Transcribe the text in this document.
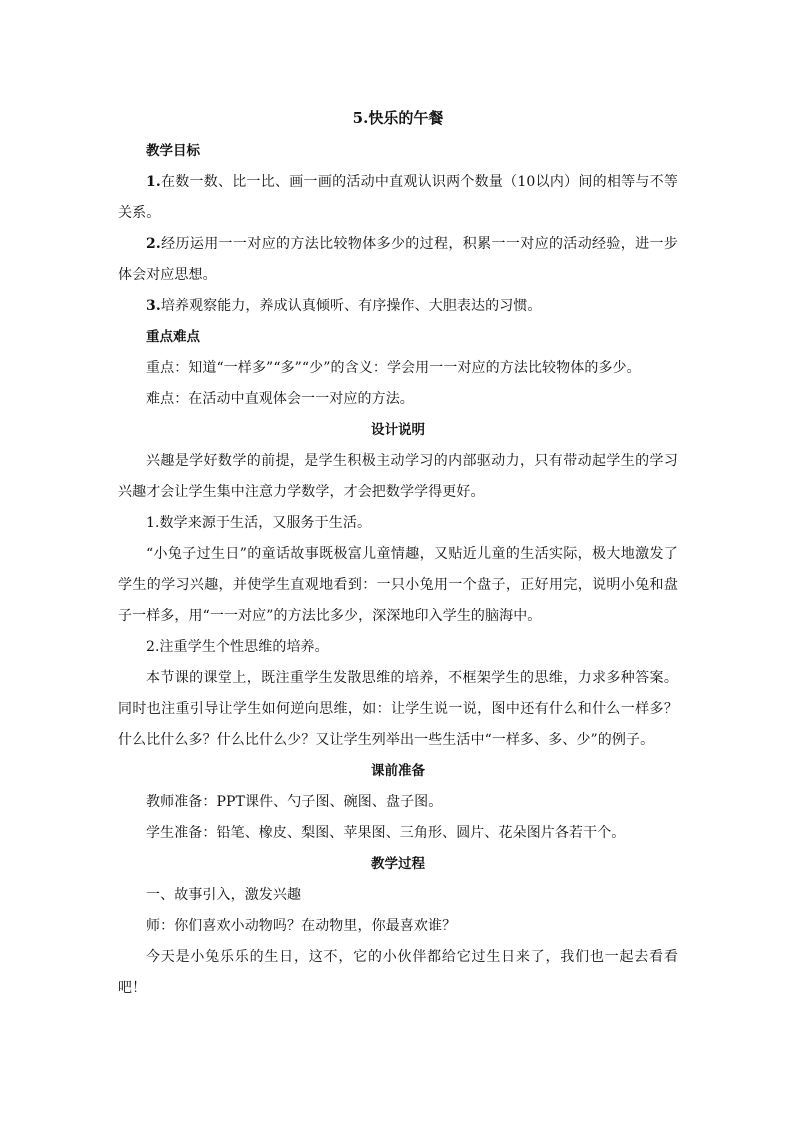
5.快乐的午餐
教学目标

1.在数一数、比一比、画一画的活动中直观认识两个数量（10以内）间的相等与不等关系。

2.经历运用一一对应的方法比较物体多少的过程，积累一一对应的活动经验，进一步体会对应思想。

3.培养观察能力，养成认真倾听、有序操作、大胆表达的习惯。

重点难点

重点：知道“一样多”“多”“少”的含义：学会用一一对应的方法比较物体的多少。

难点：在活动中直观体会一一对应的方法。

设计说明

兴趣是学好数学的前提，是学生积极主动学习的内部驱动力，只有带动起学生的学习兴趣才会让学生集中注意力学数学，才会把数学学得更好。

1.数学来源于生活，又服务于生活。

“小兔子过生日”的童话故事既极富儿童情趣，又贴近儿童的生活实际，极大地激发了学生的学习兴趣，并使学生直观地看到：一只小兔用一个盘子，正好用完，说明小兔和盘子一样多，用“一一对应”的方法比多少，深深地印入学生的脑海中。

2.注重学生个性思维的培养。

本节课的课堂上，既注重学生发散思维的培养，不框架学生的思维，力求多种答案。同时也注重引导让学生如何逆向思维，如：让学生说一说，图中还有什么和什么一样多？什么比什么多？什么比什么少？又让学生列举出一些生活中“一样多、多、少”的例子。

课前准备

教师准备：PPT课件、勺子图、碗图、盘子图。

学生准备：铅笔、橡皮、梨图、苹果图、三角形、圆片、花朵图片各若干个。

教学过程

一、故事引入，激发兴趣

师：你们喜欢小动物吗？在动物里，你最喜欢谁？

今天是小兔乐乐的生日，这不，它的小伙伴都给它过生日来了，我们也一起去看看吧！
